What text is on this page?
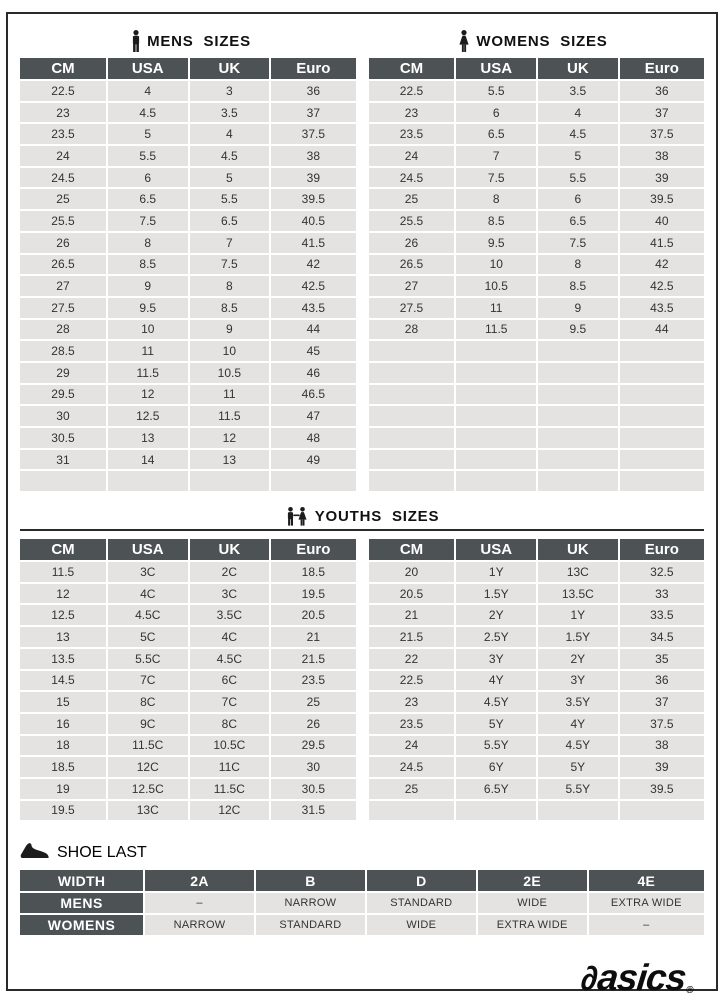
MENS  SIZES	WOMENS  SIZES
CM	USA	UK	Euro
22.5	4	3	36
23	4.5	3.5	37
23.5	5	4	37.5
24	5.5	4.5	38
24.5	6	5	39
25	6.5	5.5	39.5
25.5	7.5	6.5	40.5
26	8	7	41.5
26.5	8.5	7.5	42
27	9	8	42.5
27.5	9.5	8.5	43.5
28	10	9	44
28.5	11	10	45
29	11.5	10.5	46
29.5	12	11	46.5
30	12.5	11.5	47
30.5	13	12	48
31	14	13	49
CM	USA	UK	Euro
22.5	5.5	3.5	36
23	6	4	37
23.5	6.5	4.5	37.5
24	7	5	38
24.5	7.5	5.5	39
25	8	6	39.5
25.5	8.5	6.5	40
26	9.5	7.5	41.5
26.5	10	8	42
27	10.5	8.5	42.5
27.5	11	9	43.5
28	11.5	9.5	44
YOUTHS  SIZES
CM	USA	UK	Euro
11.5	3C	2C	18.5
12	4C	3C	19.5
12.5	4.5C	3.5C	20.5
13	5C	4C	21
13.5	5.5C	4.5C	21.5
14.5	7C	6C	23.5
15	8C	7C	25
16	9C	8C	26
18	11.5C	10.5C	29.5
18.5	12C	11C	30
19	12.5C	11.5C	30.5
19.5	13C	12C	31.5
CM	USA	UK	Euro
20	1Y	13C	32.5
20.5	1.5Y	13.5C	33
21	2Y	1Y	33.5
21.5	2.5Y	1.5Y	34.5
22	3Y	2Y	35
22.5	4Y	3Y	36
23	4.5Y	3.5Y	37
23.5	5Y	4Y	37.5
24	5.5Y	4.5Y	38
24.5	6Y	5Y	39
25	6.5Y	5.5Y	39.5
SHOE LAST
WIDTH	2A	B	D	2E	4E
MENS	–	NARROW	STANDARD	WIDE	EXTRA WIDE
WOMENS	NARROW	STANDARD	WIDE	EXTRA WIDE	–
∂
asics
®
